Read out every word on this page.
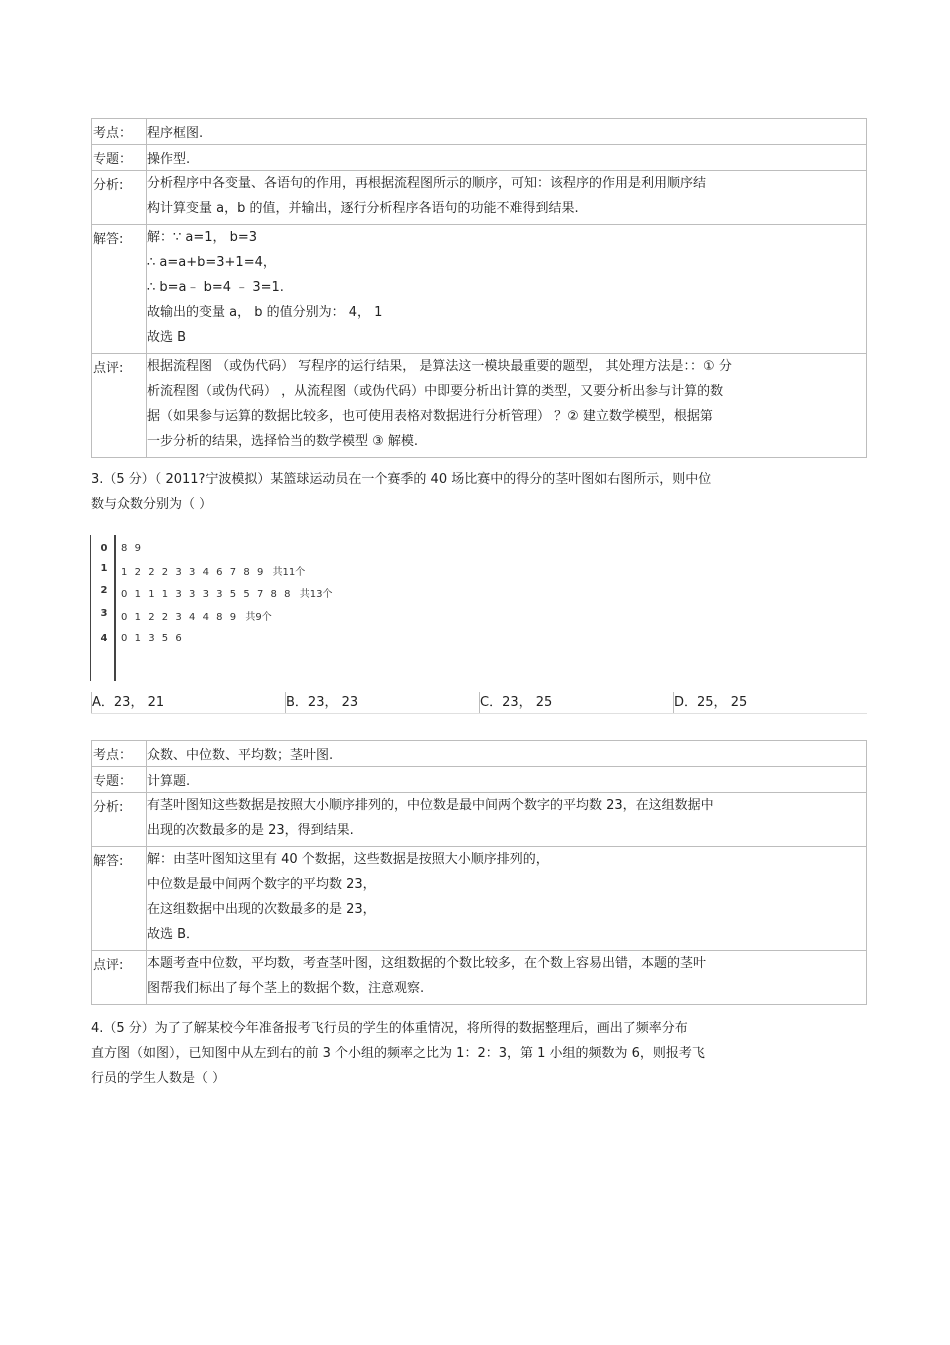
考点：	程序框图.
专题：	操作型.
分析:	分析程序中各变量、各语句的作用，再根据流程图所示的顺序，可知：该程序的作用是利用顺序结
构计算变量 a，b 的值，并输出，逐行分析程序各语句的功能不难得到结果.

解答:	解：∵ a=1， b=3
∴ a=a+b=3+1=4，
∴ b=a﹣ b=4 ﹣ 3=1.
故输出的变量 a， b 的值分别为： 4， 1
故选 B

点评:	根据流程图 （或伪代码） 写程序的运行结果， 是算法这一模块最重要的题型， 其处理方法是：：① 分
析流程图（或伪代码） ，从流程图（或伪代码）中即要分析出计算的类型，又要分析出参与计算的数
据（如果参与运算的数据比较多，也可使用表格对数据进行分析管理） ？② 建立数学模型，根据第
一步分析的结果，选择恰当的数学模型 ③ 解模.
3.（5 分）（ 2011?宁波模拟）某篮球运动员在一个赛季的 40 场比赛中的得分的茎叶图如右图所示，则中位
数与众数分别为（ ）
0 8 9
1 1 2 2 2 3 3 4 6 7 8 9 共11个
2 0 1 1 1 3 3 3 3 5 5 7 8 8 共13个
3 0 1 2 2 3 4 4 8 9 共9个
4 0 1 3 5 6
A．23， 21	B．23， 23	C．23， 25	D．25， 25
考点：	众数、中位数、平均数；茎叶图.
专题：	计算题.
分析:	有茎叶图知这些数据是按照大小顺序排列的，中位数是最中间两个数字的平均数 23，在这组数据中
出现的次数最多的是 23，得到结果.

解答:	解：由茎叶图知这里有 40 个数据，这些数据是按照大小顺序排列的，
中位数是最中间两个数字的平均数 23，
在这组数据中出现的次数最多的是 23，
故选 B．

点评:	本题考查中位数，平均数，考查茎叶图，这组数据的个数比较多，在个数上容易出错，本题的茎叶
图帮我们标出了每个茎上的数据个数，注意观察.
4.（5 分）为了了解某校今年准备报考飞行员的学生的体重情况，将所得的数据整理后，画出了频率分布
直方图（如图），已知图中从左到右的前 3 个小组的频率之比为 1：2：3，第 1 小组的频数为 6，则报考飞
行员的学生人数是（ ）
